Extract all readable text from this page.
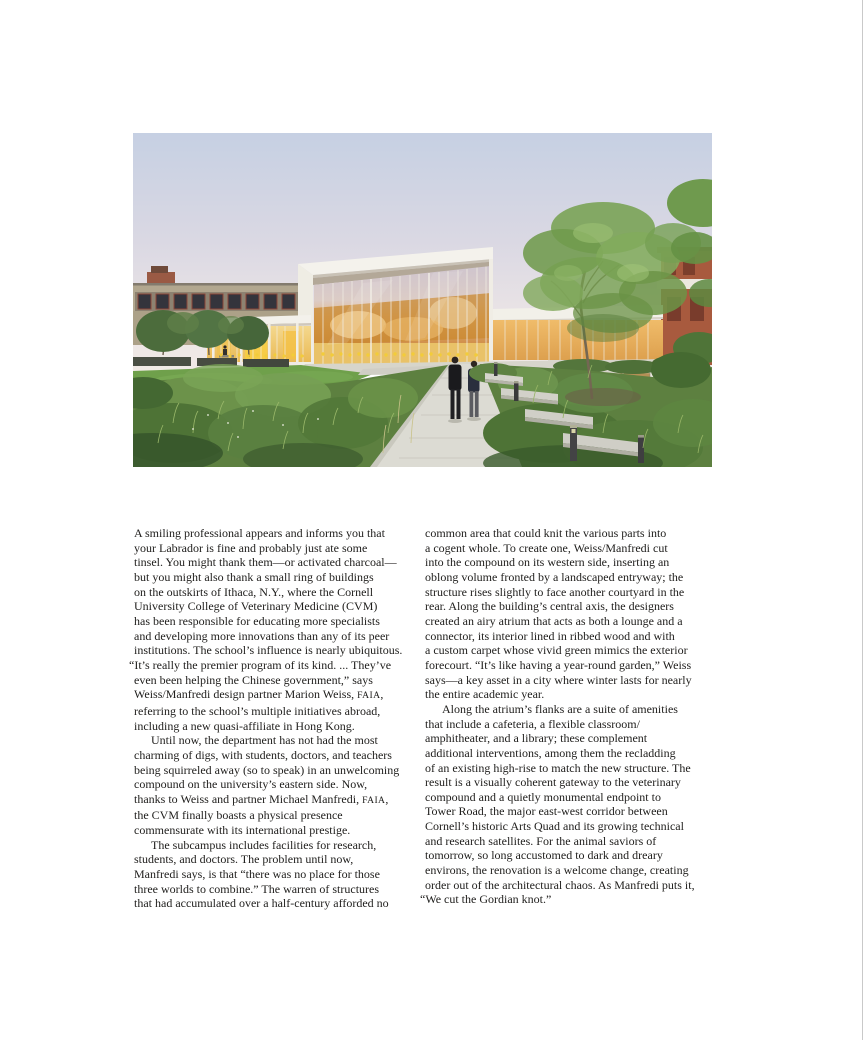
A smiling professional appears and informs you that
your Labrador is fine and probably just ate some
tinsel. You might thank them—or activated charcoal—
but you might also thank a small ring of buildings
on the outskirts of Ithaca, N.Y., where the Cornell
University College of Veterinary Medicine (CVM)
has been responsible for educating more specialists
and developing more innovations than any of its peer
institutions. The school’s influence is nearly ubiquitous.
“It’s really the premier program of its kind. ... They’ve
even been helping the Chinese government,” says
Weiss/Manfredi design partner Marion Weiss, FAIA,
referring to the school’s multiple initiatives abroad,
including a new quasi-affiliate in Hong Kong.
Until now, the department has not had the most
charming of digs, with students, doctors, and teachers
being squirreled away (so to speak) in an unwelcoming
compound on the university’s eastern side. Now,
thanks to Weiss and partner Michael Manfredi, FAIA,
the CVM finally boasts a physical presence
commensurate with its international prestige.
The subcampus includes facilities for research,
students, and doctors. The problem until now,
Manfredi says, is that “there was no place for those
three worlds to combine.” The warren of structures
that had accumulated over a half-century afforded no
common area that could knit the various parts into
a cogent whole. To create one, Weiss/Manfredi cut
into the compound on its western side, inserting an
oblong volume fronted by a landscaped entryway; the
structure rises slightly to face another courtyard in the
rear. Along the building’s central axis, the designers
created an airy atrium that acts as both a lounge and a
connector, its interior lined in ribbed wood and with
a custom carpet whose vivid green mimics the exterior
forecourt. “It’s like having a year-round garden,” Weiss
says—a key asset in a city where winter lasts for nearly
the entire academic year.
Along the atrium’s flanks are a suite of amenities
that include a cafeteria, a flexible classroom/
amphitheater, and a library; these complement
additional interventions, among them the recladding
of an existing high-rise to match the new structure. The
result is a visually coherent gateway to the veterinary
compound and a quietly monumental endpoint to
Tower Road, the major east-west corridor between
Cornell’s historic Arts Quad and its growing technical
and research satellites. For the animal saviors of
tomorrow, so long accustomed to dark and dreary
environs, the renovation is a welcome change, creating
order out of the architectural chaos. As Manfredi puts it,
“We cut the Gordian knot.”
